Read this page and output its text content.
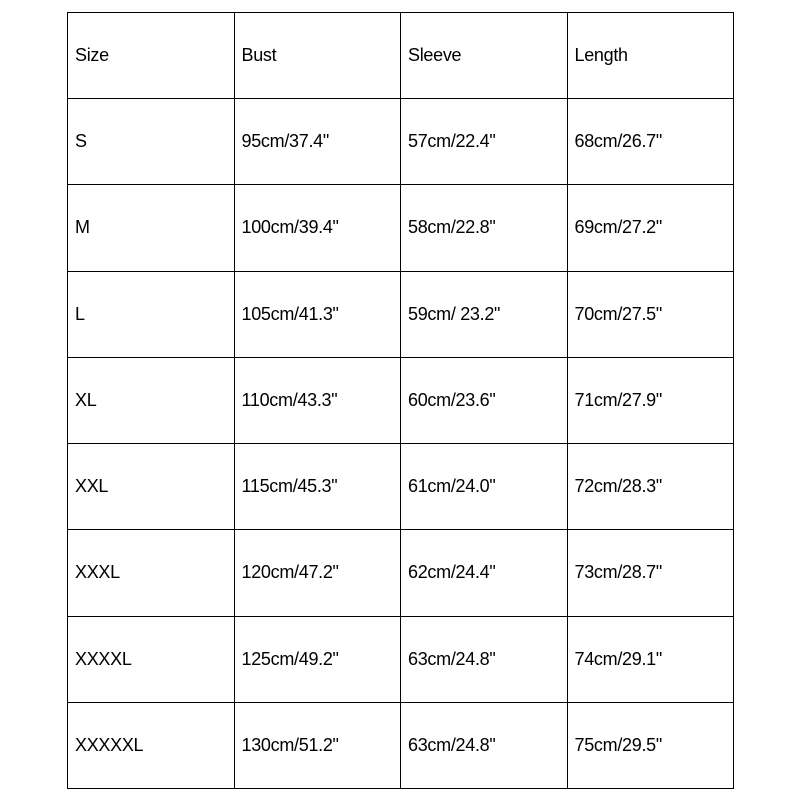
Size	Bust	Sleeve	Length
S	95cm/37.4"	57cm/22.4"	68cm/26.7"
M	100cm/39.4"	58cm/22.8"	69cm/27.2"
L	105cm/41.3"	59cm/ 23.2"	70cm/27.5"
XL	110cm/43.3"	60cm/23.6"	71cm/27.9"
XXL	115cm/45.3"	61cm/24.0"	72cm/28.3"
XXXL	120cm/47.2"	62cm/24.4"	73cm/28.7"
XXXXL	125cm/49.2"	63cm/24.8"	74cm/29.1"
XXXXXL	130cm/51.2"	63cm/24.8"	75cm/29.5"
